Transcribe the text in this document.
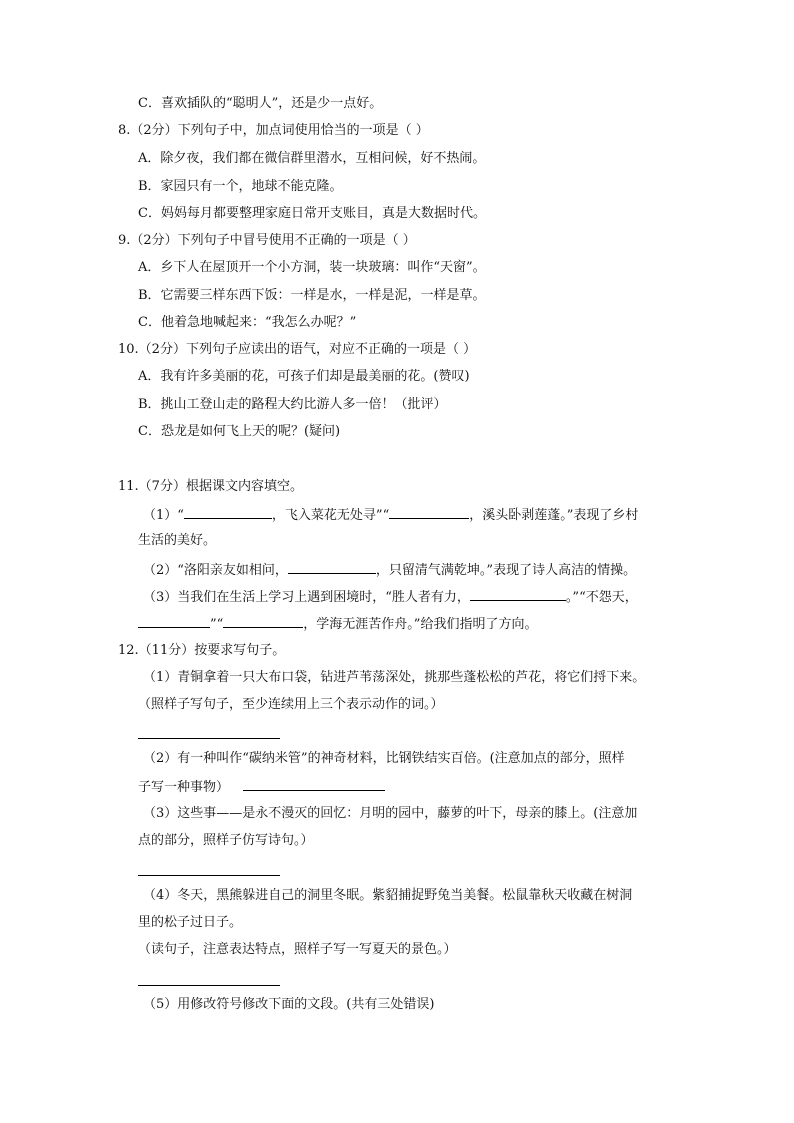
C．喜欢插队的“聪明人”，还是少一点好。
8.（2分）下列句子中，加点词使用恰当的一项是（ ）
A．除夕夜，我们都在微信群里潜水，互相问候，好不热闹。
B．家园只有一个，地球不能克隆。
C．妈妈每月都要整理家庭日常开支账目，真是大数据时代。
9.（2分）下列句子中冒号使用不正确的一项是（ ）
A．乡下人在屋顶开一个小方洞，装一块玻璃：叫作“天窗”。
B．它需要三样东西下饭：一样是水，一样是泥，一样是草。
C．他着急地喊起来：“我怎么办呢？”
10.（2分）下列句子应读出的语气，对应不正确的一项是（ ）
A．我有许多美丽的花，可孩子们却是最美丽的花。(赞叹)
B．挑山工登山走的路程大约比游人多一倍！（批评）
C．恐龙是如何飞上天的呢？(疑问)
11.（7分）根据课文内容填空。
（1）“	，飞入菜花无处寻”“	，溪头卧剥莲蓬。”表现了乡村
生活的美好。
（2）“洛阳亲友如相问，	，只留清气满乾坤。”表现了诗人高洁的情操。
（3）当我们在生活上学习上遇到困境时，“胜人者有力，	。”“不怨天，
”“	，学海无涯苦作舟。”给我们指明了方向。
12.（11分）按要求写句子。
（1）青铜拿着一只大布口袋，钻进芦苇荡深处，挑那些蓬松松的芦花，将它们捋下来。
（照样子写句子，至少连续用上三个表示动作的词。）
（2）有一种叫作“碳纳米管”的神奇材料，比钢铁结实百倍。(注意加点的部分，照样
子写一种事物）
（3）这些事——是永不漫灭的回忆：月明的园中，藤萝的叶下，母亲的膝上。(注意加
点的部分，照样子仿写诗句。）
（4）冬天，黑熊躲进自己的洞里冬眠。紫貂捕捉野兔当美餐。松鼠靠秋天收藏在树洞
里的松子过日子。
（读句子，注意表达特点，照样子写一写夏天的景色。）
（5）用修改符号修改下面的文段。(共有三处错误)
